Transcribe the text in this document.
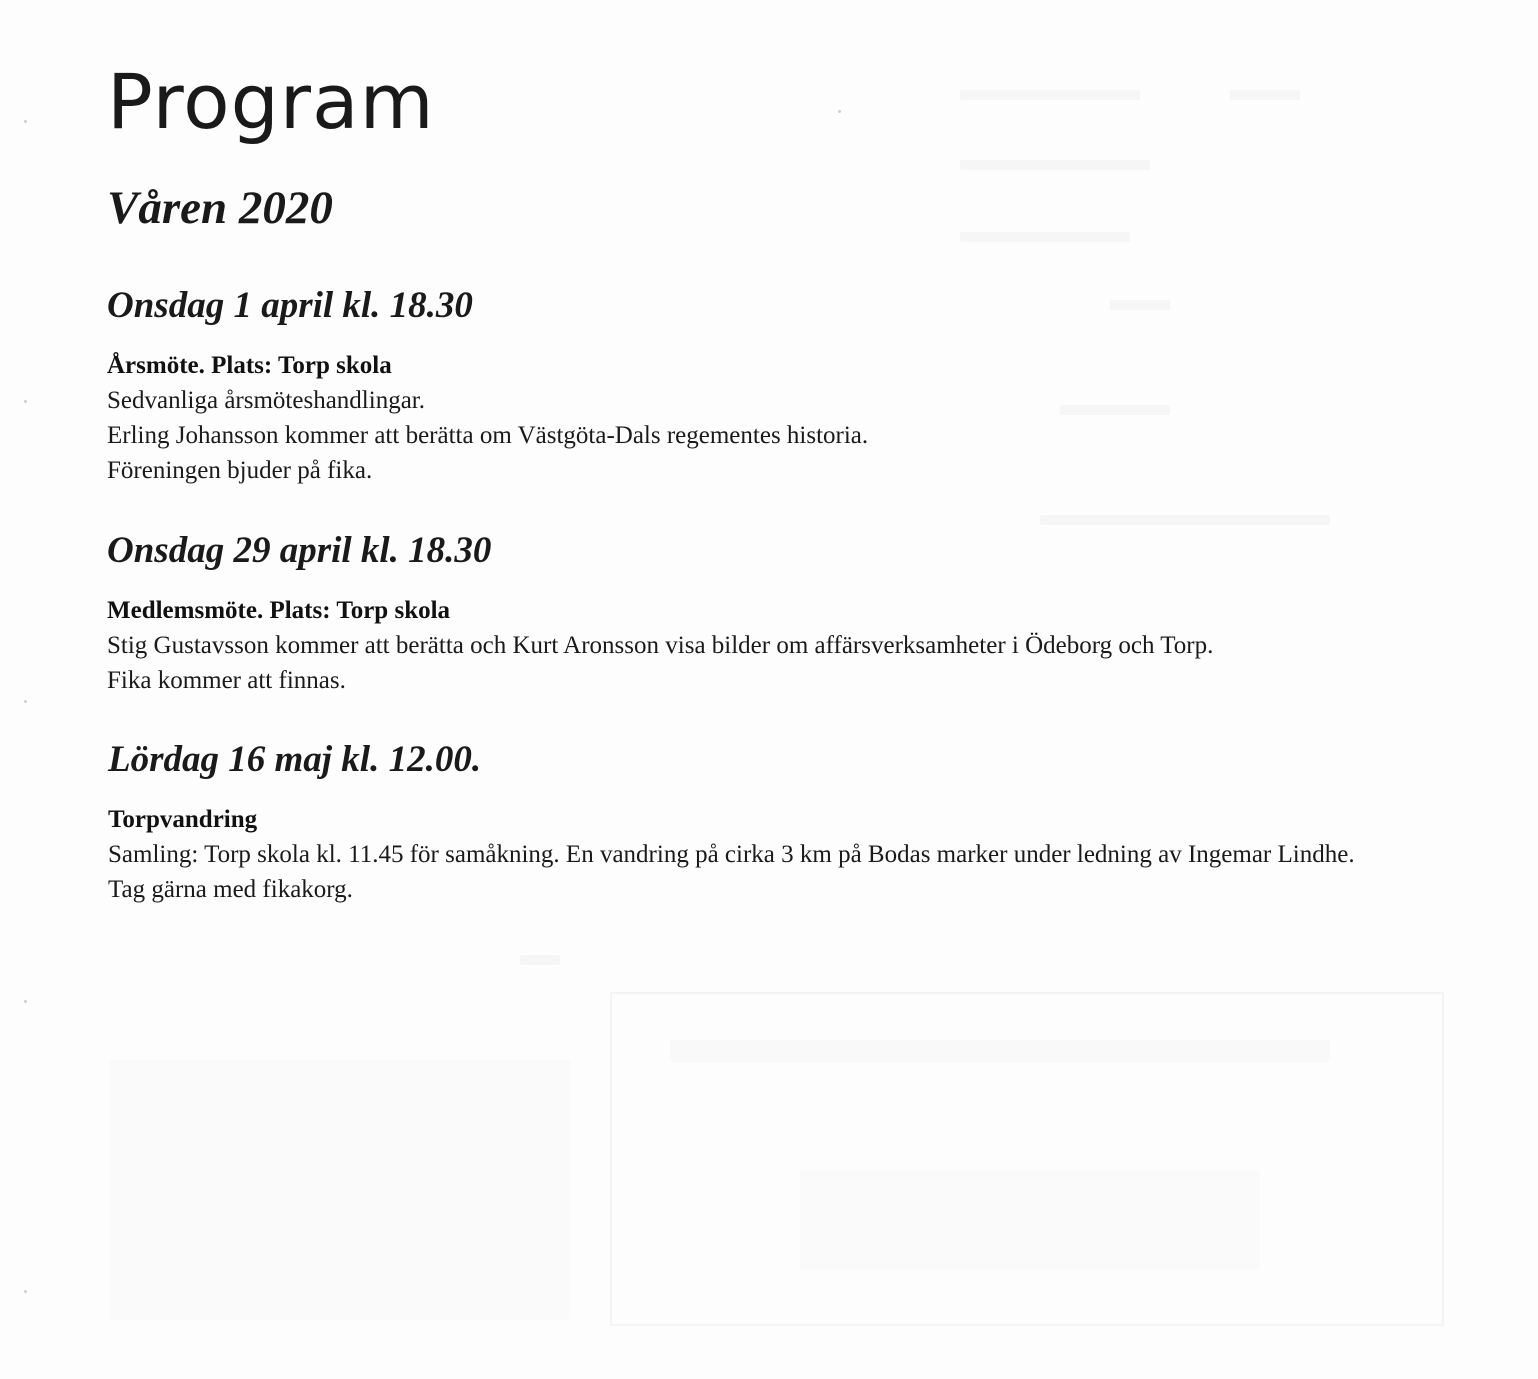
Program
Våren 2020
Onsdag 1 april kl. 18.30

Årsmöte. Plats: Torp skola

Sedvanliga årsmöteshandlingar.

Erling Johansson kommer att berätta om Västgöta-Dals regementes historia.

Föreningen bjuder på fika.

Onsdag 29 april kl. 18.30

Medlemsmöte. Plats: Torp skola

Stig Gustavsson kommer att berätta och Kurt Aronsson visa bilder om affärsverksamheter i Ödeborg och Torp.

Fika kommer att finnas.

Lördag 16 maj kl. 12.00.

Torpvandring

Samling: Torp skola kl. 11.45 för samåkning. En vandring på cirka 3 km på Bodas marker under ledning av Ingemar Lindhe.

Tag gärna med fikakorg.
